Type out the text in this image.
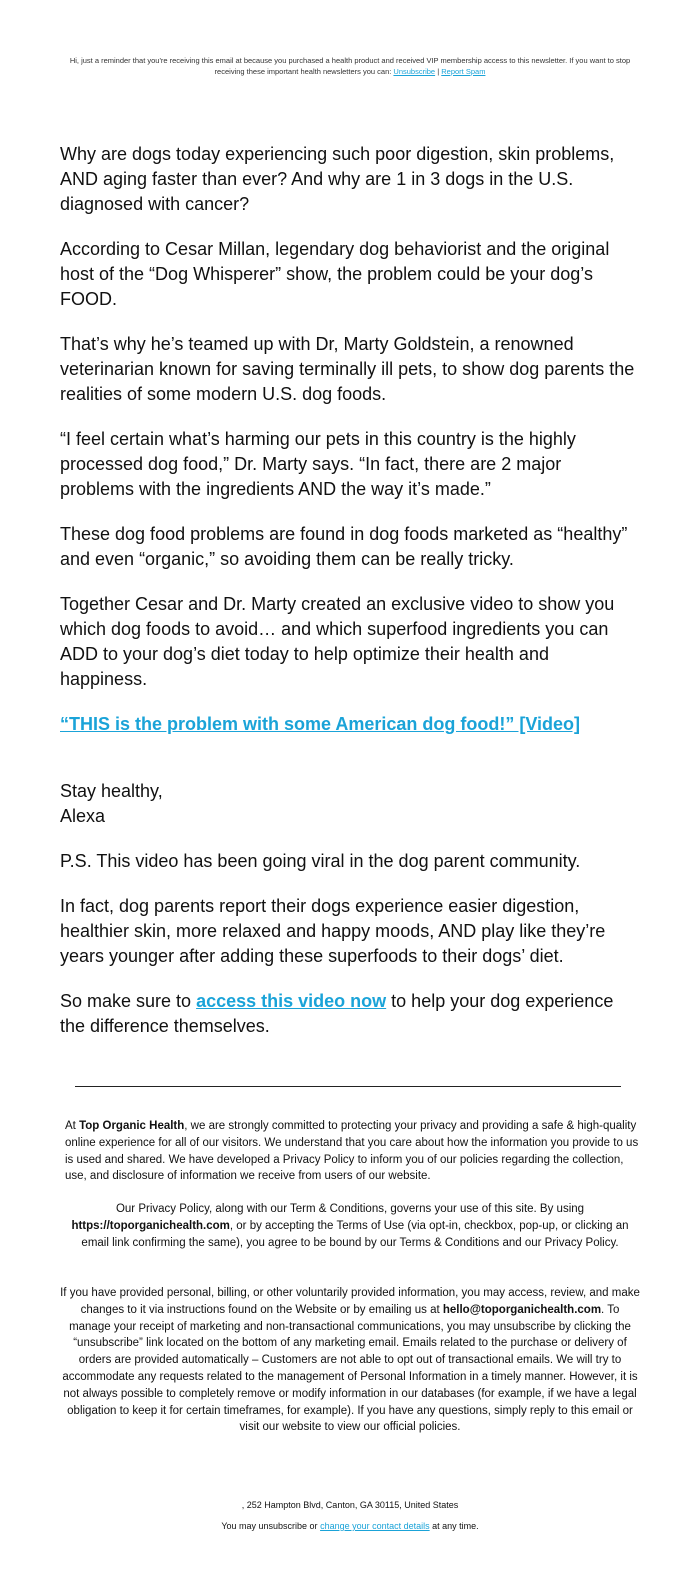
Hi, just a reminder that you're receiving this email at because you purchased a health product and received VIP membership access to this newsletter. If you want to stop receiving these important health newsletters you can: Unsubscribe | Report Spam

Why are dogs today experiencing such poor digestion, skin problems, AND aging faster than ever? And why are 1 in 3 dogs in the U.S. diagnosed with cancer?

According to Cesar Millan, legendary dog behaviorist and the original host of the “Dog Whisperer” show, the problem could be your dog’s FOOD.

That’s why he’s teamed up with Dr, Marty Goldstein, a renowned veterinarian known for saving terminally ill pets, to show dog parents the realities of some modern U.S. dog foods.

“I feel certain what’s harming our pets in this country is the highly processed dog food,” Dr. Marty says. “In fact, there are 2 major problems with the ingredients AND the way it’s made.”

These dog food problems are found in dog foods marketed as “healthy” and even “organic,” so avoiding them can be really tricky.

Together Cesar and Dr. Marty created an exclusive video to show you which dog foods to avoid… and which superfood ingredients you can ADD to your dog’s diet today to help optimize their health and happiness.

“THIS is the problem with some American dog food!” [Video]

Stay healthy,
Alexa

P.S. This video has been going viral in the dog parent community.

In fact, dog parents report their dogs experience easier digestion, healthier skin, more relaxed and happy moods, AND play like they’re years younger after adding these superfoods to their dogs’ diet.

So make sure to access this video now to help your dog experience the difference themselves.

At Top Organic Health, we are strongly committed to protecting your privacy and providing a safe & high-quality online experience for all of our visitors. We understand that you care about how the information you provide to us is used and shared. We have developed a Privacy Policy to inform you of our policies regarding the collection, use, and disclosure of information we receive from users of our website.

Our Privacy Policy, along with our Term & Conditions, governs your use of this site. By using https://toporganichealth.com, or by accepting the Terms of Use (via opt-in, checkbox, pop-up, or clicking an email link confirming the same), you agree to be bound by our Terms & Conditions and our Privacy Policy.

If you have provided personal, billing, or other voluntarily provided information, you may access, review, and make changes to it via instructions found on the Website or by emailing us at hello@toporganichealth.com. To manage your receipt of marketing and non-transactional communications, you may unsubscribe by clicking the “unsubscribe” link located on the bottom of any marketing email. Emails related to the purchase or delivery of orders are provided automatically – Customers are not able to opt out of transactional emails. We will try to accommodate any requests related to the management of Personal Information in a timely manner. However, it is not always possible to completely remove or modify information in our databases (for example, if we have a legal obligation to keep it for certain timeframes, for example). If you have any questions, simply reply to this email or visit our website to view our official policies.

, 252 Hampton Blvd, Canton, GA 30115, United States
You may unsubscribe or change your contact details at any time.
